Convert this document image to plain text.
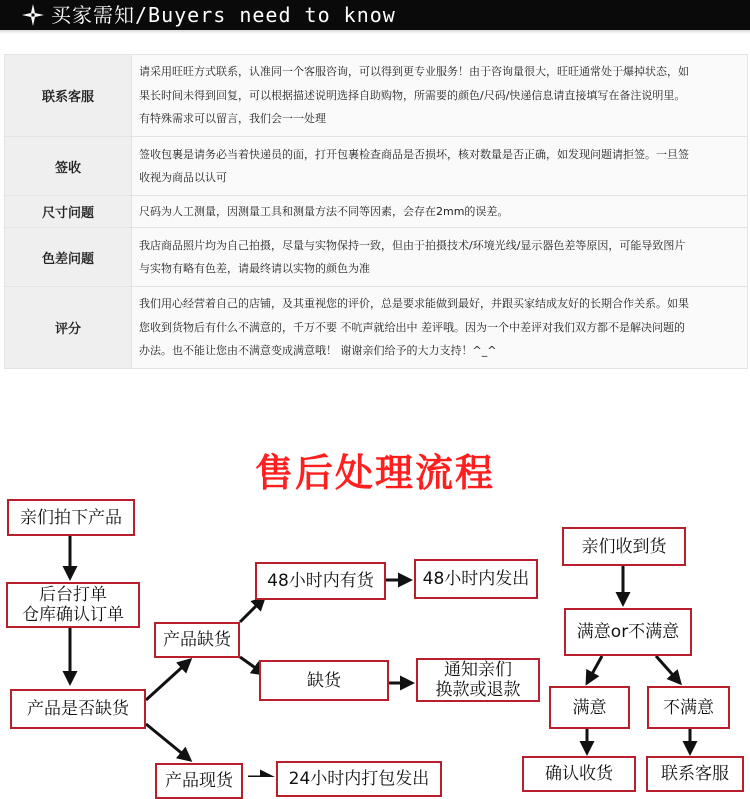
买家需知/Buyers need to know
联系客服	请采用旺旺方式联系，认准同一个客服咨询，可以得到更专业服务！由于咨询量很大，旺旺通常处于爆掉状态，如
果长时间未得到回复，可以根据描述说明选择自助购物，所需要的颜色/尺码/快递信息请直接填写在备注说明里。
有特殊需求可以留言，我们会一一处理

签收	签收包裹是请务必当着快递员的面，打开包裹检查商品是否损坏，核对数量是否正确，如发现问题请拒签。一旦签
收视为商品以认可

尺寸问题	尺码为人工测量，因测量工具和测量方法不同等因素，会存在2mm的误差。

色差问题	我店商品照片均为自己拍摄，尽量与实物保持一致，但由于拍摄技术/环境光线/显示器色差等原因，可能导致图片
与实物有略有色差，请最终请以实物的颜色为准

评分	我们用心经营着自己的店铺，及其重视您的评价，总是要求能做到最好，并跟买家结成友好的长期合作关系。如果
您收到货物后有什么不满意的，千万不要 不吭声就给出中 差评哦。因为一个中差评对我们双方都不是解决问题的
办法。也不能让您由不满意变成满意哦！ 谢谢亲们给予的大力支持！^_^
售后处理流程
亲们拍下产品
后台打单
仓库确认订单
产品是否缺货
产品缺货
48小时内有货	48小时内发出
缺货
通知亲们
换款或退款
亲们收到货
满意or不满意
满意	不满意
产品现货	24小时内打包发出	确认收货	联系客服
